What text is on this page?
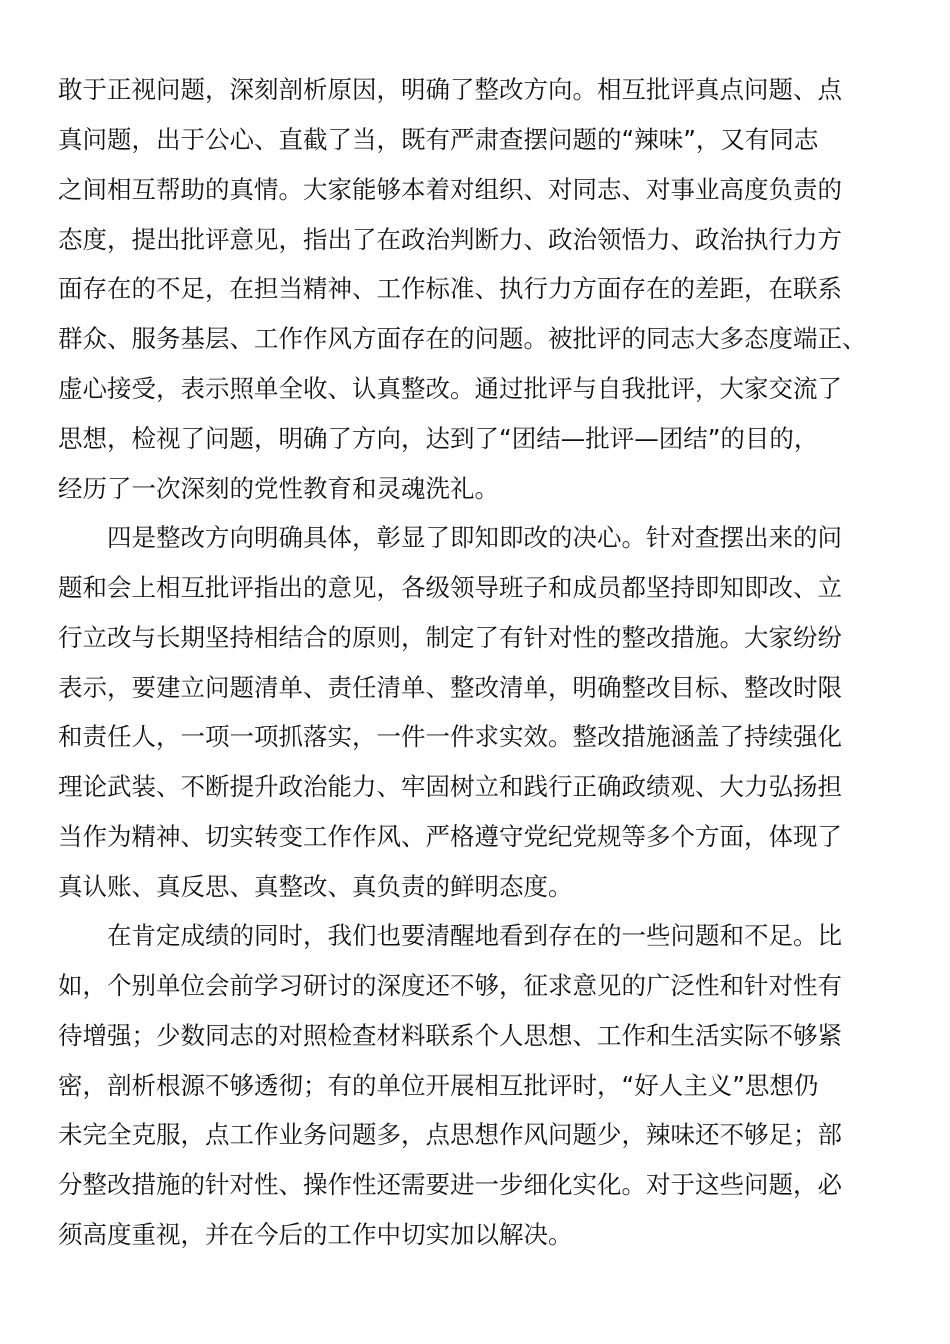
敢于正视问题，深刻剖析原因，明确了整改方向。相互批评真点问题、点

真问题，出于公心、直截了当，既有严肃查摆问题的“辣味”，又有同志

之间相互帮助的真情。大家能够本着对组织、对同志、对事业高度负责的

态度，提出批评意见，指出了在政治判断力、政治领悟力、政治执行力方

面存在的不足，在担当精神、工作标准、执行力方面存在的差距，在联系

群众、服务基层、工作作风方面存在的问题。被批评的同志大多态度端正、

虚心接受，表示照单全收、认真整改。通过批评与自我批评，大家交流了

思想，检视了问题，明确了方向，达到了“团结—批评—团结”的目的，

经历了一次深刻的党性教育和灵魂洗礼。

四是整改方向明确具体，彰显了即知即改的决心。针对查摆出来的问

题和会上相互批评指出的意见，各级领导班子和成员都坚持即知即改、立

行立改与长期坚持相结合的原则，制定了有针对性的整改措施。大家纷纷

表示，要建立问题清单、责任清单、整改清单，明确整改目标、整改时限

和责任人，一项一项抓落实，一件一件求实效。整改措施涵盖了持续强化

理论武装、不断提升政治能力、牢固树立和践行正确政绩观、大力弘扬担

当作为精神、切实转变工作作风、严格遵守党纪党规等多个方面，体现了

真认账、真反思、真整改、真负责的鲜明态度。

在肯定成绩的同时，我们也要清醒地看到存在的一些问题和不足。比

如，个别单位会前学习研讨的深度还不够，征求意见的广泛性和针对性有

待增强；少数同志的对照检查材料联系个人思想、工作和生活实际不够紧

密，剖析根源不够透彻；有的单位开展相互批评时，“好人主义”思想仍

未完全克服，点工作业务问题多，点思想作风问题少，辣味还不够足；部

分整改措施的针对性、操作性还需要进一步细化实化。对于这些问题，必

须高度重视，并在今后的工作中切实加以解决。
